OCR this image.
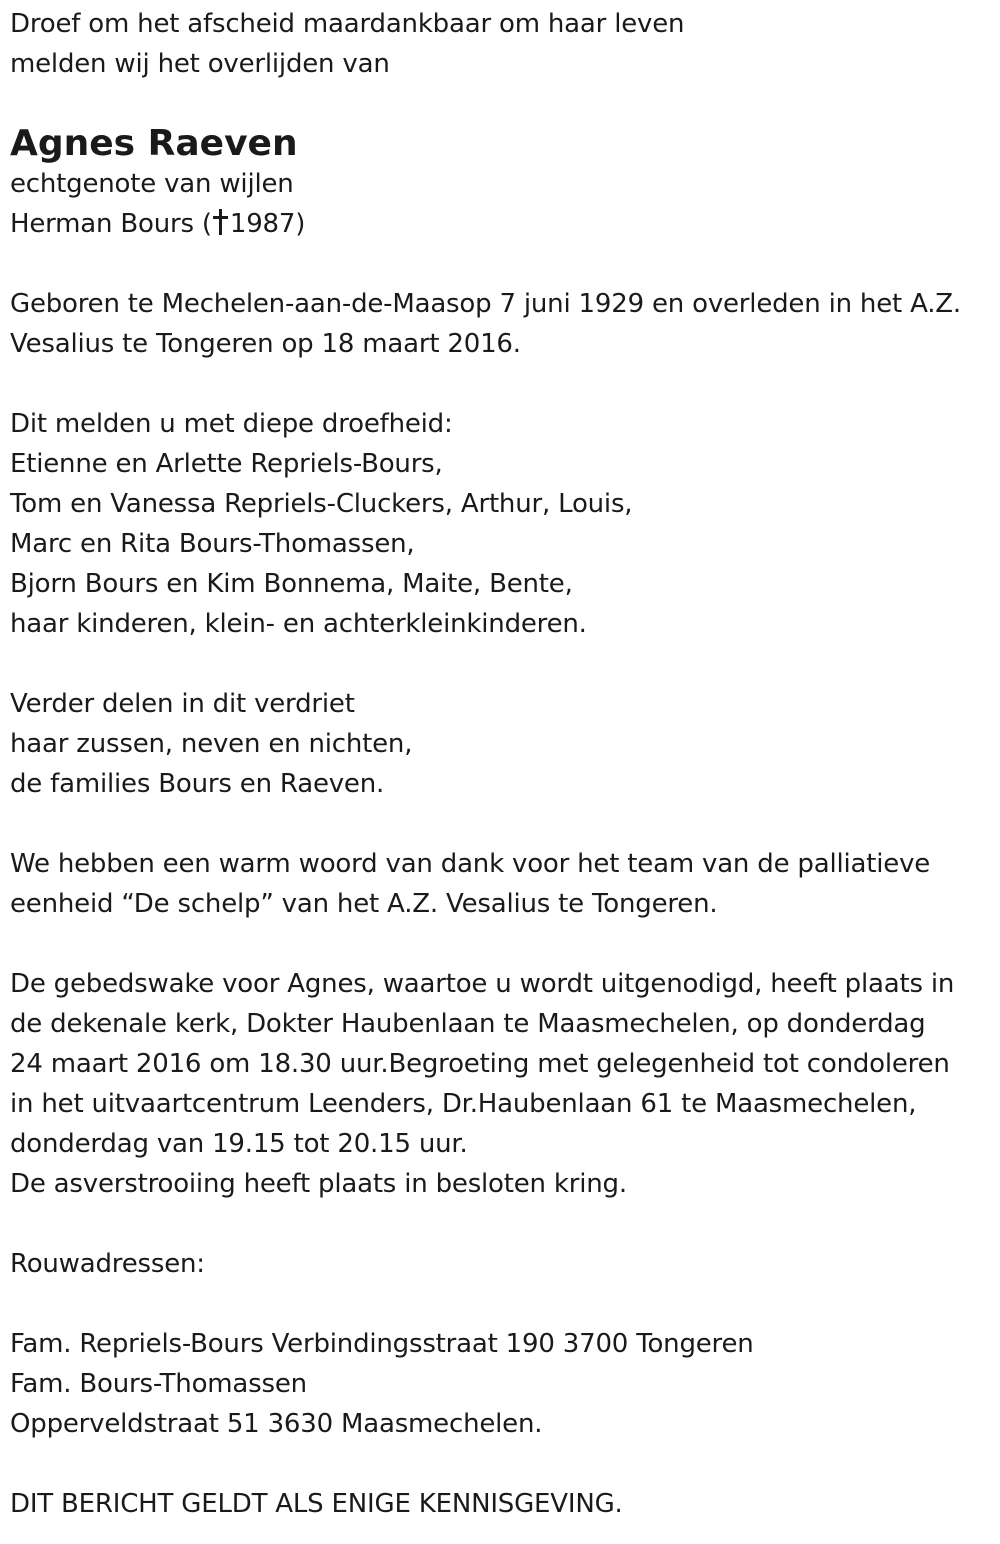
Droef om het afscheid maardankbaar om haar leven
melden wij het overlijden van
Agnes Raeven
echtgenote van wijlen
Herman Bours ( 1987)
Geboren te Mechelen-aan-de-Maasop 7 juni 1929 en overleden in het A.Z.
Vesalius te Tongeren op 18 maart 2016.
Dit melden u met diepe droefheid:
Etienne en Arlette Repriels-Bours,
Tom en Vanessa Repriels-Cluckers, Arthur, Louis,
Marc en Rita Bours-Thomassen,
Bjorn Bours en Kim Bonnema, Maite, Bente,
haar kinderen, klein- en achterkleinkinderen.
Verder delen in dit verdriet
haar zussen, neven en nichten,
de families Bours en Raeven.
We hebben een warm woord van dank voor het team van de palliatieve
eenheid “De schelp” van het A.Z. Vesalius te Tongeren.
De gebedswake voor Agnes, waartoe u wordt uitgenodigd, heeft plaats in
de dekenale kerk, Dokter Haubenlaan te Maasmechelen, op donderdag
24 maart 2016 om 18.30 uur.Begroeting met gelegenheid tot condoleren
in het uitvaartcentrum Leenders, Dr.Haubenlaan 61 te Maasmechelen,
donderdag van 19.15 tot 20.15 uur.
De asverstrooiing heeft plaats in besloten kring.
Rouwadressen:
Fam. Repriels-Bours Verbindingsstraat 190 3700 Tongeren
Fam. Bours-Thomassen
Opperveldstraat 51 3630 Maasmechelen.
DIT BERICHT GELDT ALS ENIGE KENNISGEVING.
